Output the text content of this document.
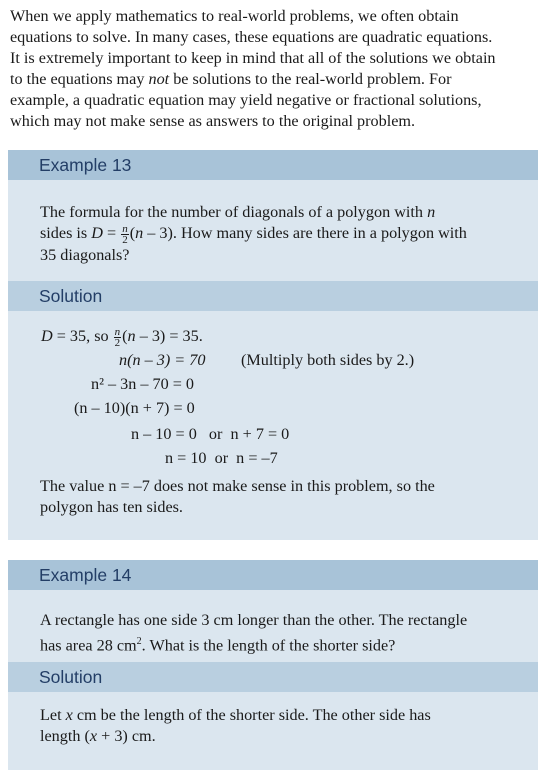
When we apply mathematics to real-world problems, we often obtain

equations to solve. In many cases, these equations are quadratic equations.

It is extremely important to keep in mind that all of the solutions we obtain

to the equations may not be solutions to the real-world problem. For

example, a quadratic equation may yield negative or fractional solutions,

which may not make sense as answers to the original problem.

Example 13

The formula for the number of diagonals of a polygon with n

sides is $D = \frac{n}{2} (n - 3)$. How many sides are there in a polygon with

35 diagonals?

Solution
D = 35, so $\frac{n}{2} (n - 3) = 35$.
n(n – 3) = 70 (Multiply both sides by 2.)
n² – 3n – 70 = 0
(n – 10)(n + 7) = 0
n – 10 = 0   or  n + 7 = 0
n = 10  or  n = –7

The value n = –7 does not make sense in this problem, so the

polygon has ten sides.

Example 14

A rectangle has one side 3 cm longer than the other. The rectangle

has area 28 $cm^2$. What is the length of the shorter side?

Solution

Let x cm be the length of the shorter side. The other side has

length (x + 3) cm.
